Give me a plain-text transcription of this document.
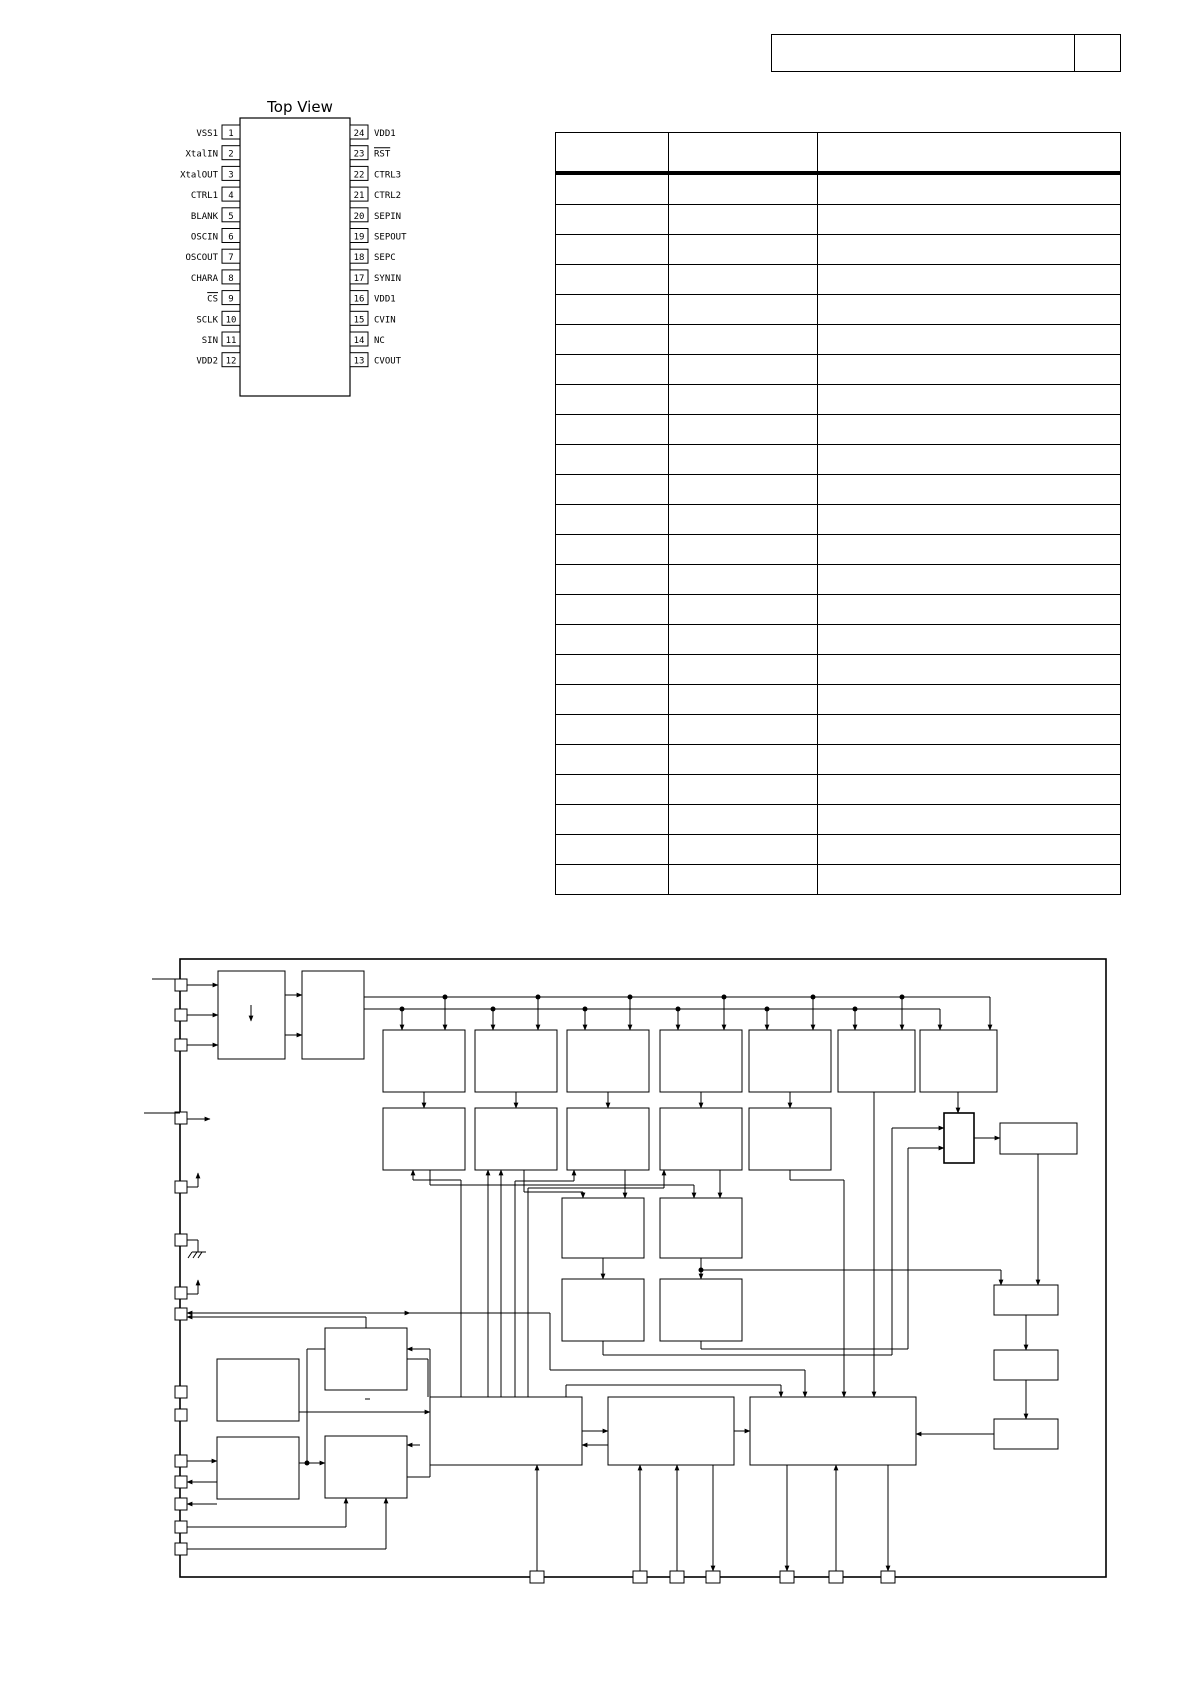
Top View
1
VSS1
2
XtalIN
3
XtalOUT
4
CTRL1
5
BLANK
6
OSCIN
7
OSCOUT
8
CHARA
9
CS
10
SCLK
11
SIN
12
VDD2
24 VDD1
23 RST
22 CTRL3
21 CTRL2
20 SEPIN
19 SEPOUT
18 SEPC
17 SYNIN
16 VDD1
15 CVIN
14 NC
13 CVOUT
